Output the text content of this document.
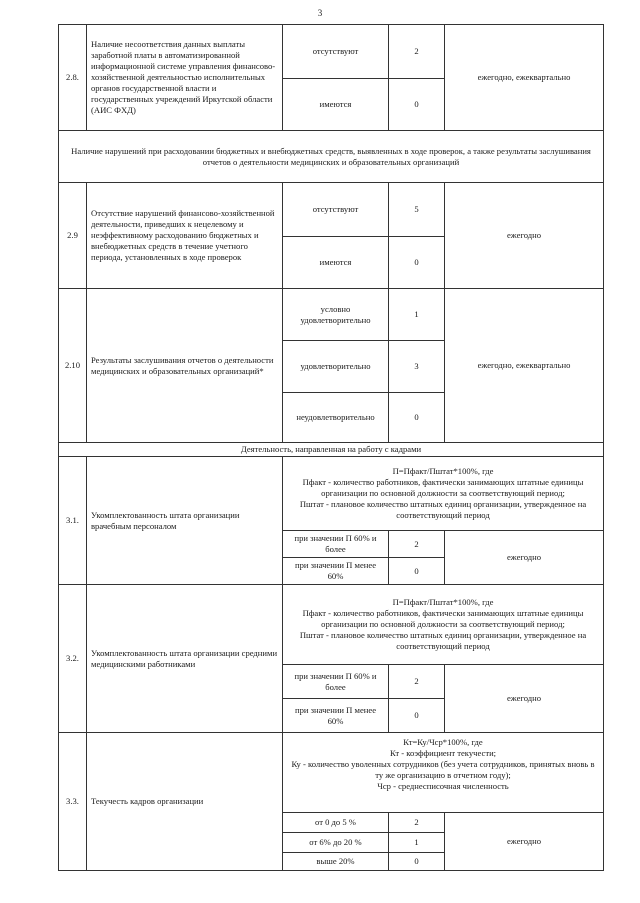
3
2.8.	Наличие несоответствия данных выплаты заработной платы в автоматизированной информационной системе управления финансово-хозяйственной деятельностью исполнительных органов государственной власти и государственных учреждений Иркутской области (АИС ФХД)	отсутствуют	2	ежегодно, ежеквартально
		имеются	0	
Наличие нарушений при расходовании бюджетных и внебюджетных средств, выявленных в ходе проверок, а также результаты заслушивания отчетов о деятельности медицинских и образовательных организаций				
2.9	Отсутствие нарушений финансово-хозяйственной деятельности, приведших к нецелевому и неэффективному расходованию бюджетных и внебюджетных средств в течение учетного периода, установленных в ходе проверок	отсутствуют	5	ежегодно
		имеются	0	
2.10	Результаты заслушивания отчетов о деятельности медицинских и образовательных организаций*	условно удовлетворительно	1	ежегодно, ежеквартально
		удовлетворительно	3	
		неудовлетворительно	0	
Деятельность, направленная на работу с кадрами				
3.1.	Укомплектованность штата организации врачебным персоналом	П=Пфакт/Пштат*100%, где
Пфакт - количество работников, фактически занимающих штатные единицы организации по основной должности за соответствующий период;
Пштат - плановое количество штатных единиц организации, утвержденное на соответствующий период		

		при значении П 60% и более	2	ежегодно
		при значении П менее 60%	0	
3.2.	Укомплектованность штата организации средними медицинскими работниками	П=Пфакт/Пштат*100%, где
Пфакт - количество работников, фактически занимающих штатные единицы организации по основной должности за соответствующий период;
Пштат - плановое количество штатных единиц организации, утвержденное на соответствующий период		

		при значении П 60% и более	2	ежегодно
		при значении П менее 60%	0	
3.3.	Текучесть кадров организации	Кт=Ку/Чср*100%, где
Кт - коэффициент текучести;
Ку - количество уволенных сотрудников (без учета сотрудников, принятых вновь в ту же организацию в отчетном году);
Чср - среднесписочная численность		

		от 0 до 5 %	2	ежегодно
		от 6% до 20 %	1	
		выше 20%	0	
